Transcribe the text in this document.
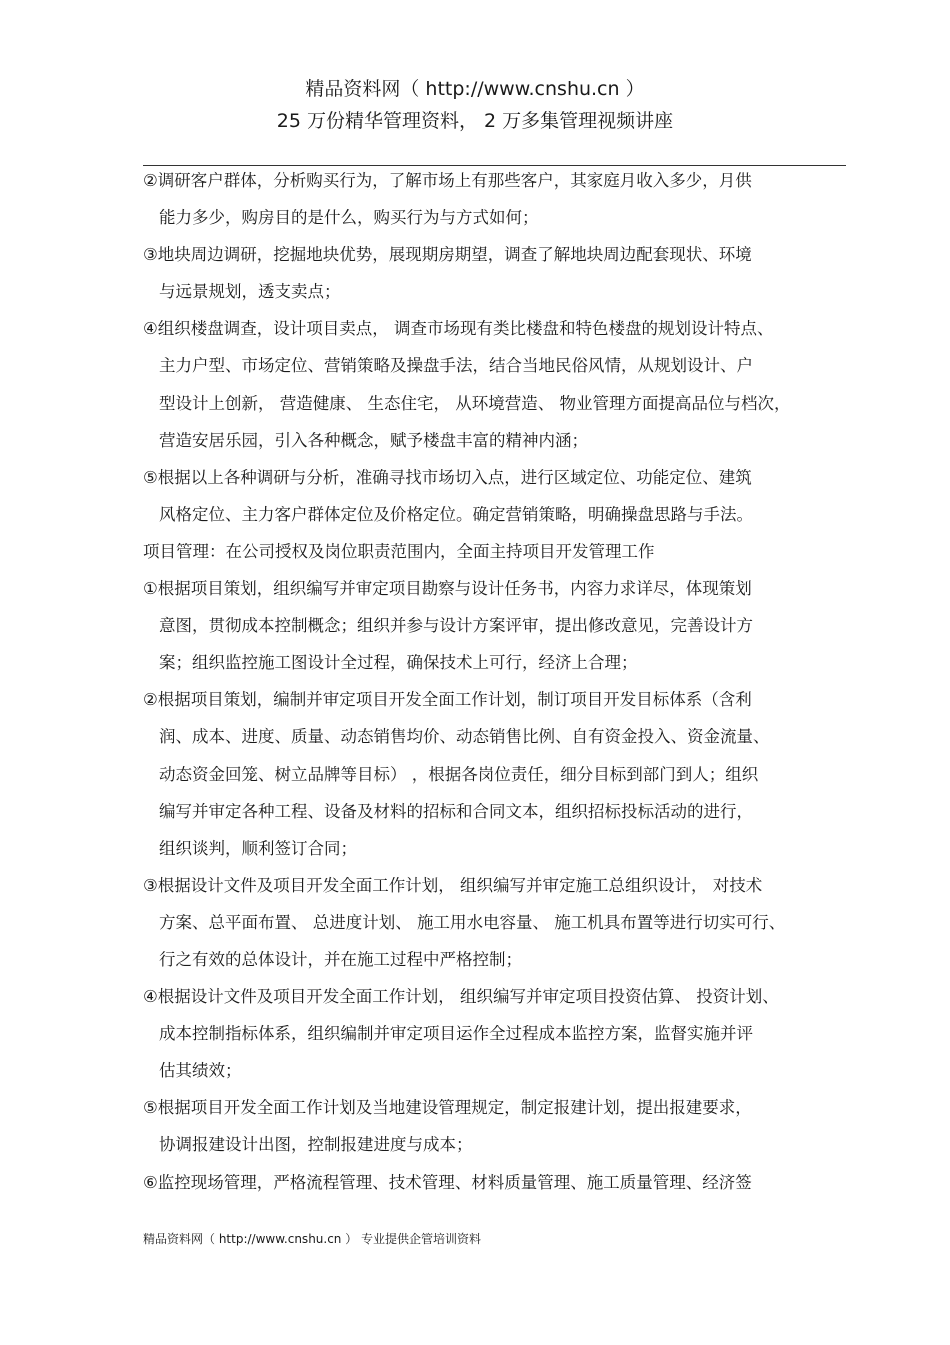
精品资料网（ http://www.cnshu.cn ）
25 万份精华管理资料， 2 万多集管理视频讲座
②调研客户群体，分析购买行为，了解市场上有那些客户，其家庭月收入多少，月供
能力多少，购房目的是什么，购买行为与方式如何；
③地块周边调研，挖掘地块优势，展现期房期望，调查了解地块周边配套现状、环境
与远景规划，透支卖点；
④组织楼盘调查，设计项目卖点， 调查市场现有类比楼盘和特色楼盘的规划设计特点、
主力户型、市场定位、营销策略及操盘手法，结合当地民俗风情，从规划设计、户
型设计上创新， 营造健康、 生态住宅， 从环境营造、 物业管理方面提高品位与档次，
营造安居乐园，引入各种概念，赋予楼盘丰富的精神内涵；
⑤根据以上各种调研与分析，准确寻找市场切入点，进行区域定位、功能定位、建筑
风格定位、主力客户群体定位及价格定位。确定营销策略，明确操盘思路与手法。
项目管理：在公司授权及岗位职责范围内，全面主持项目开发管理工作
①根据项目策划，组织编写并审定项目勘察与设计任务书，内容力求详尽，体现策划
意图，贯彻成本控制概念；组织并参与设计方案评审，提出修改意见，完善设计方
案；组织监控施工图设计全过程，确保技术上可行，经济上合理；
②根据项目策划，编制并审定项目开发全面工作计划，制订项目开发目标体系（含利
润、成本、进度、质量、动态销售均价、动态销售比例、自有资金投入、资金流量、
动态资金回笼、树立品牌等目标） ，根据各岗位责任，细分目标到部门到人；组织
编写并审定各种工程、设备及材料的招标和合同文本，组织招标投标活动的进行，
组织谈判，顺利签订合同；
③根据设计文件及项目开发全面工作计划， 组织编写并审定施工总组织设计， 对技术
方案、总平面布置、 总进度计划、 施工用水电容量、 施工机具布置等进行切实可行、
行之有效的总体设计，并在施工过程中严格控制；
④根据设计文件及项目开发全面工作计划， 组织编写并审定项目投资估算、 投资计划、
成本控制指标体系，组织编制并审定项目运作全过程成本监控方案，监督实施并评
估其绩效；
⑤根据项目开发全面工作计划及当地建设管理规定，制定报建计划，提出报建要求，
协调报建设计出图，控制报建进度与成本；
⑥监控现场管理，严格流程管理、技术管理、材料质量管理、施工质量管理、经济签
精品资料网（ http://www.cnshu.cn ） 专业提供企管培训资料
